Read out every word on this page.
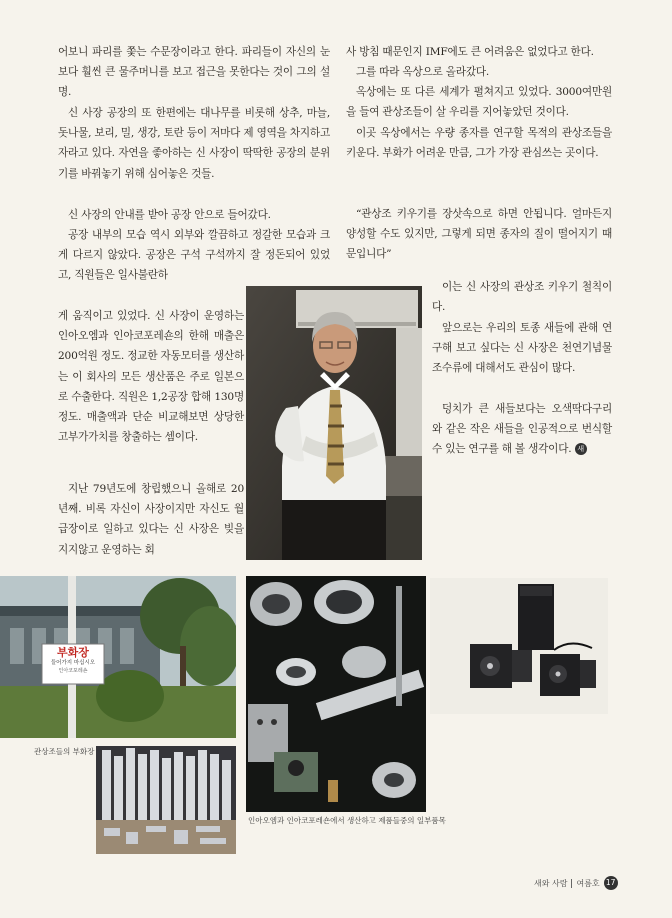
어보니 파리를 쫓는 수문장이라고 한다. 파리들이 자신의 눈보다 훨씬 큰 물주머니를 보고 접근을 못한다는 것이 그의 설명.

신 사장 공장의 또 한편에는 대나무를 비롯해 상추, 마늘, 돗나물, 보리, 밀, 생강, 토란 등이 저마다 제 영역을 차지하고 자라고 있다. 자연을 좋아하는 신 사장이 딱딱한 공장의 분위기를 바꿔놓기 위해 심어놓은 것들.

신 사장의 안내를 받아 공장 안으로 들어갔다.

공장 내부의 모습 역시 외부와 깔끔하고 정갈한 모습과 크게 다르지 않았다. 공장은 구석 구석까지 잘 정돈되어 있었고, 직원들은 일사불란하

게 움직이고 있었다. 신 사장이 운영하는 인아오엠과 인아코포레숀의 한해 매출은 200억원 정도. 정교한 자동모터를 생산하는 이 회사의 모든 생산품은 주로 일본으로 수출한다. 직원은 1,2공장 합해 130명 정도. 매출액과 단순 비교해보면 상당한 고부가가치를 창출하는 셈이다.

지난 79년도에 창립했으니 올해로 20년째. 비록 자신이 사장이지만 자신도 월급장이로 일하고 있다는 신 사장은 빚을 지지않고 운영하는 회

사 방침 때문인지 IMF에도 큰 어려움은 없었다고 한다.

그를 따라 옥상으로 올라갔다.

옥상에는 또 다른 세계가 펼쳐지고 있었다. 3000여만원을 들여 관상조들이 살 우리를 지어놓았던 것이다.

이곳 옥상에서는 우량 종자를 연구할 목적의 관상조들을 키운다. 부화가 어려운 만큼, 그가 가장 관심쓰는 곳이다.

“관상조 키우기를 장삿속으로 하면 안됩니다. 얼마든지 양성할 수도 있지만, 그렇게 되면 종자의 질이 떨어지기 때문입니다”

이는 신 사장의 관상조 키우기 철칙이다.

앞으로는 우리의 토종 새들에 관해 연구해 보고 싶다는 신 사장은 천연기념물 조수류에 대해서도 관심이 많다.

덩치가 큰 새들보다는 오색딱다구리와 같은 작은 새들을 인공적으로 번식할 수 있는 연구를 해 볼 생각이다. 새
부화장
들어가지 마십시오
인아코포레숀
관상조들의 부화장
인아오엠과 인아코포레숀에서 생산하고 제품들중의 일부품목
새와 사람 여름호 17
